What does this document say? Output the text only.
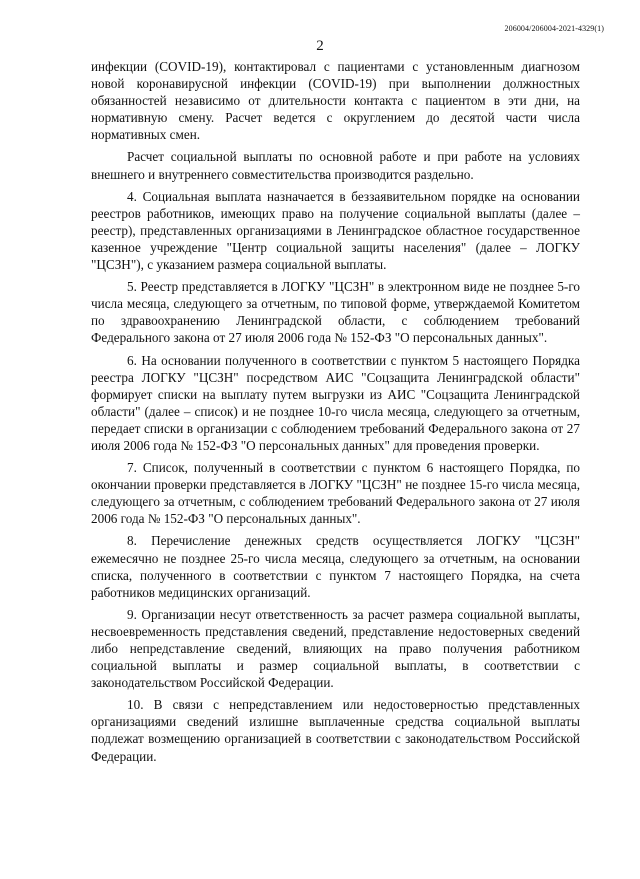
206004/206004-2021-4329(1)
2

инфекции (COVID-19), контактировал с пациентами с установленным диагнозом новой коронавирусной инфекции (COVID-19) при выполнении должностных обязанностей независимо от длительности контакта с пациентом в эти дни, на нормативную смену. Расчет ведется с округлением до десятой части числа нормативных смен.

Расчет социальной выплаты по основной работе и при работе на условиях внешнего и внутреннего совместительства производится раздельно.

4. Социальная выплата назначается в беззаявительном порядке на основании реестров работников, имеющих право на получение социальной выплаты (далее – реестр), представленных организациями в Ленинградское областное государственное казенное учреждение "Центр социальной защиты населения" (далее – ЛОГКУ "ЦСЗН"), с указанием размера социальной выплаты.

5. Реестр представляется в ЛОГКУ "ЦСЗН" в электронном виде не позднее 5-го числа месяца, следующего за отчетным, по типовой форме, утверждаемой Комитетом по здравоохранению Ленинградской области, с соблюдением требований Федерального закона от 27 июля 2006 года № 152-ФЗ "О персональных данных".

6. На основании полученного в соответствии с пунктом 5 настоящего Порядка реестра ЛОГКУ "ЦСЗН" посредством АИС "Соцзащита Ленинградской области" формирует списки на выплату путем выгрузки из АИС "Соцзащита Ленинградской области" (далее – список) и не позднее 10-го числа месяца, следующего за отчетным, передает списки в организации с соблюдением требований Федерального закона от 27 июля 2006 года № 152-ФЗ "О персональных данных" для проведения проверки.

7. Список, полученный в соответствии с пунктом 6 настоящего Порядка, по окончании проверки представляется в ЛОГКУ "ЦСЗН" не позднее 15-го числа месяца, следующего за отчетным, с соблюдением требований Федерального закона от 27 июля 2006 года № 152-ФЗ "О персональных данных".

8. Перечисление денежных средств осуществляется ЛОГКУ "ЦСЗН" ежемесячно не позднее 25-го числа месяца, следующего за отчетным, на основании списка, полученного в соответствии с пунктом 7 настоящего Порядка, на счета работников медицинских организаций.

9. Организации несут ответственность за расчет размера социальной выплаты, несвоевременность представления сведений, представление недостоверных сведений либо непредставление сведений, влияющих на право получения работником социальной выплаты и размер социальной выплаты, в соответствии с законодательством Российской Федерации.

10. В связи с непредставлением или недостоверностью представленных организациями сведений излишне выплаченные средства социальной выплаты подлежат возмещению организацией в соответствии с законодательством Российской Федерации.
